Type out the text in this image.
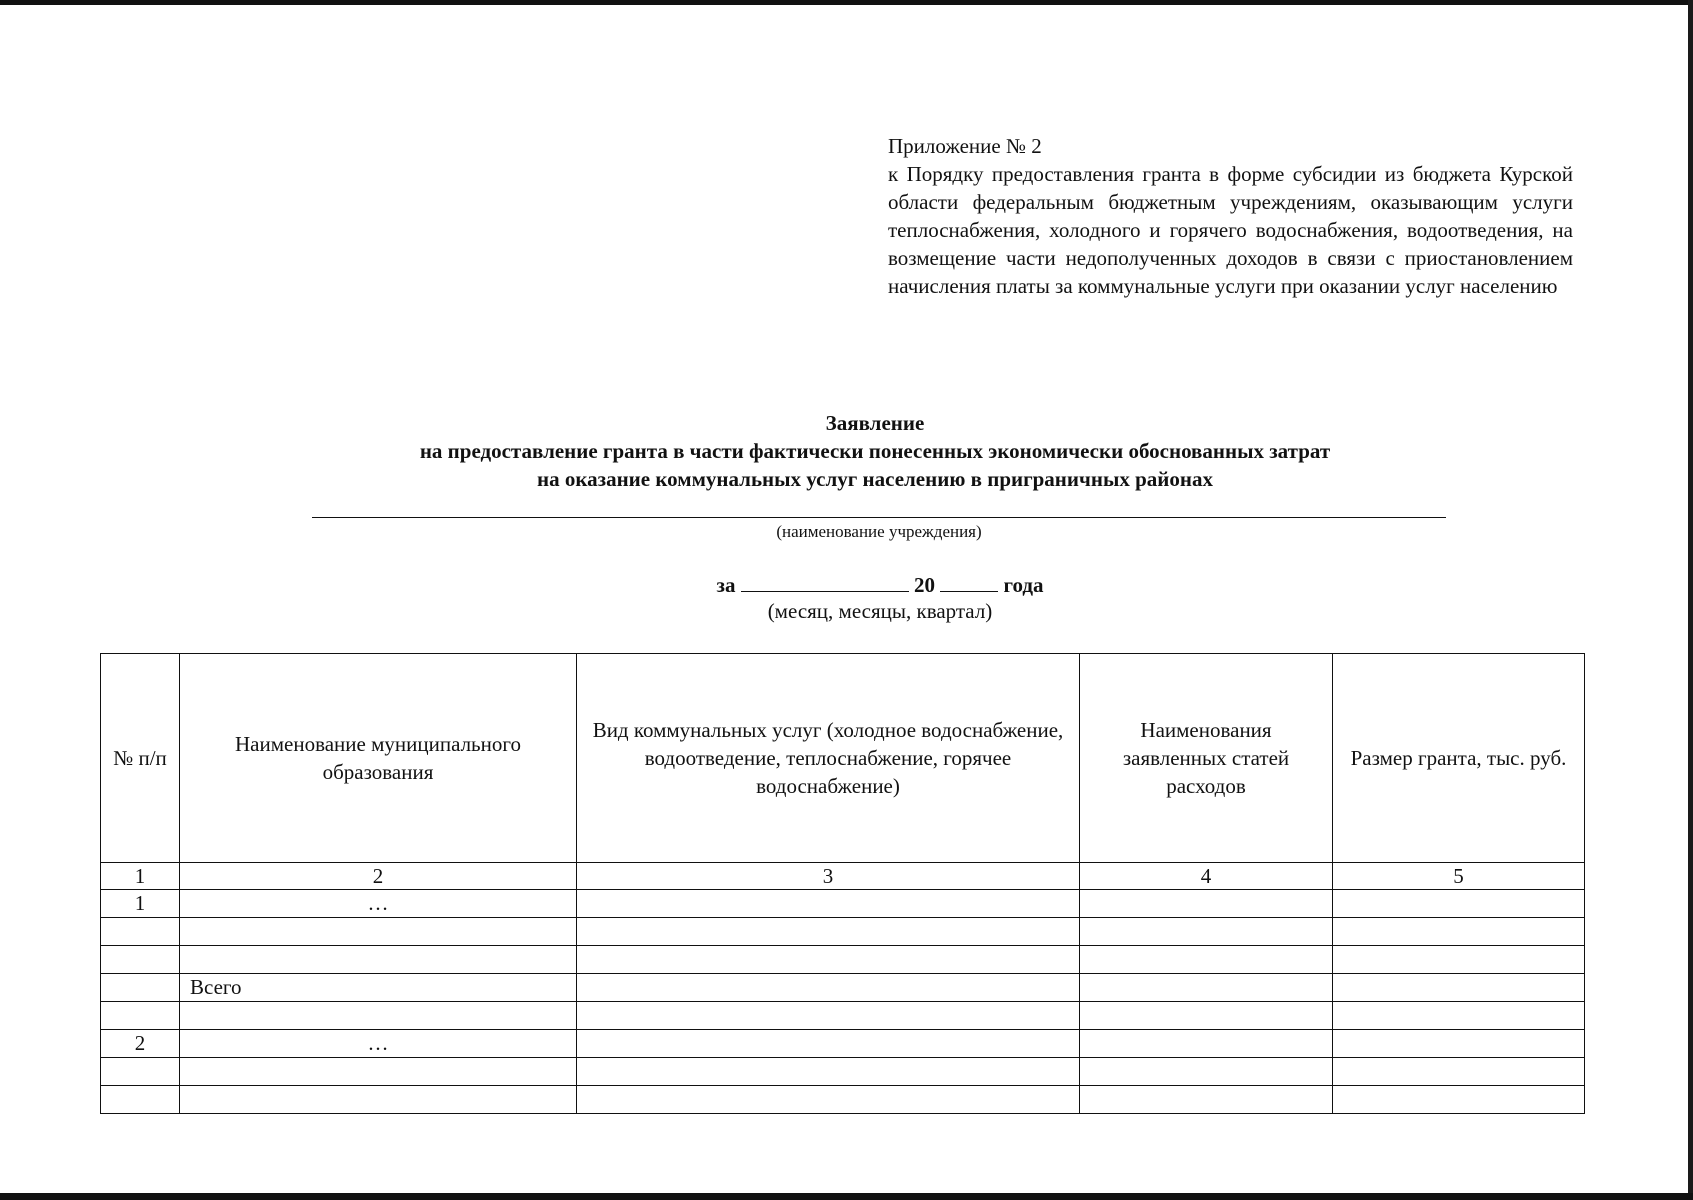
Приложение № 2
к Порядку предоставления гранта в форме субсидии из бюджета Курской области федеральным бюджетным учреждениям, оказывающим услуги теплоснабжения, холодного и горячего водоснабжения, водоотведения, на возмещение части недополученных доходов в связи с приостановлением начисления платы за коммунальные услуги при оказании услуг населению
Заявление
на предоставление гранта в части фактически понесенных экономически обоснованных затрат
на оказание коммунальных услуг населению в приграничных районах
(наименование учреждения)
за	20	года
(месяц, месяцы, квартал)
№ п/п	Наименование муниципального образования	Вид коммунальных услуг (холодное водоснабжение, водоотведение, теплоснабжение, горячее водоснабжение)	Наименования заявленных статей расходов	Размер гранта, тыс. руб.
1	2	3	4	5
1	…			

	Всего			

2	…			
